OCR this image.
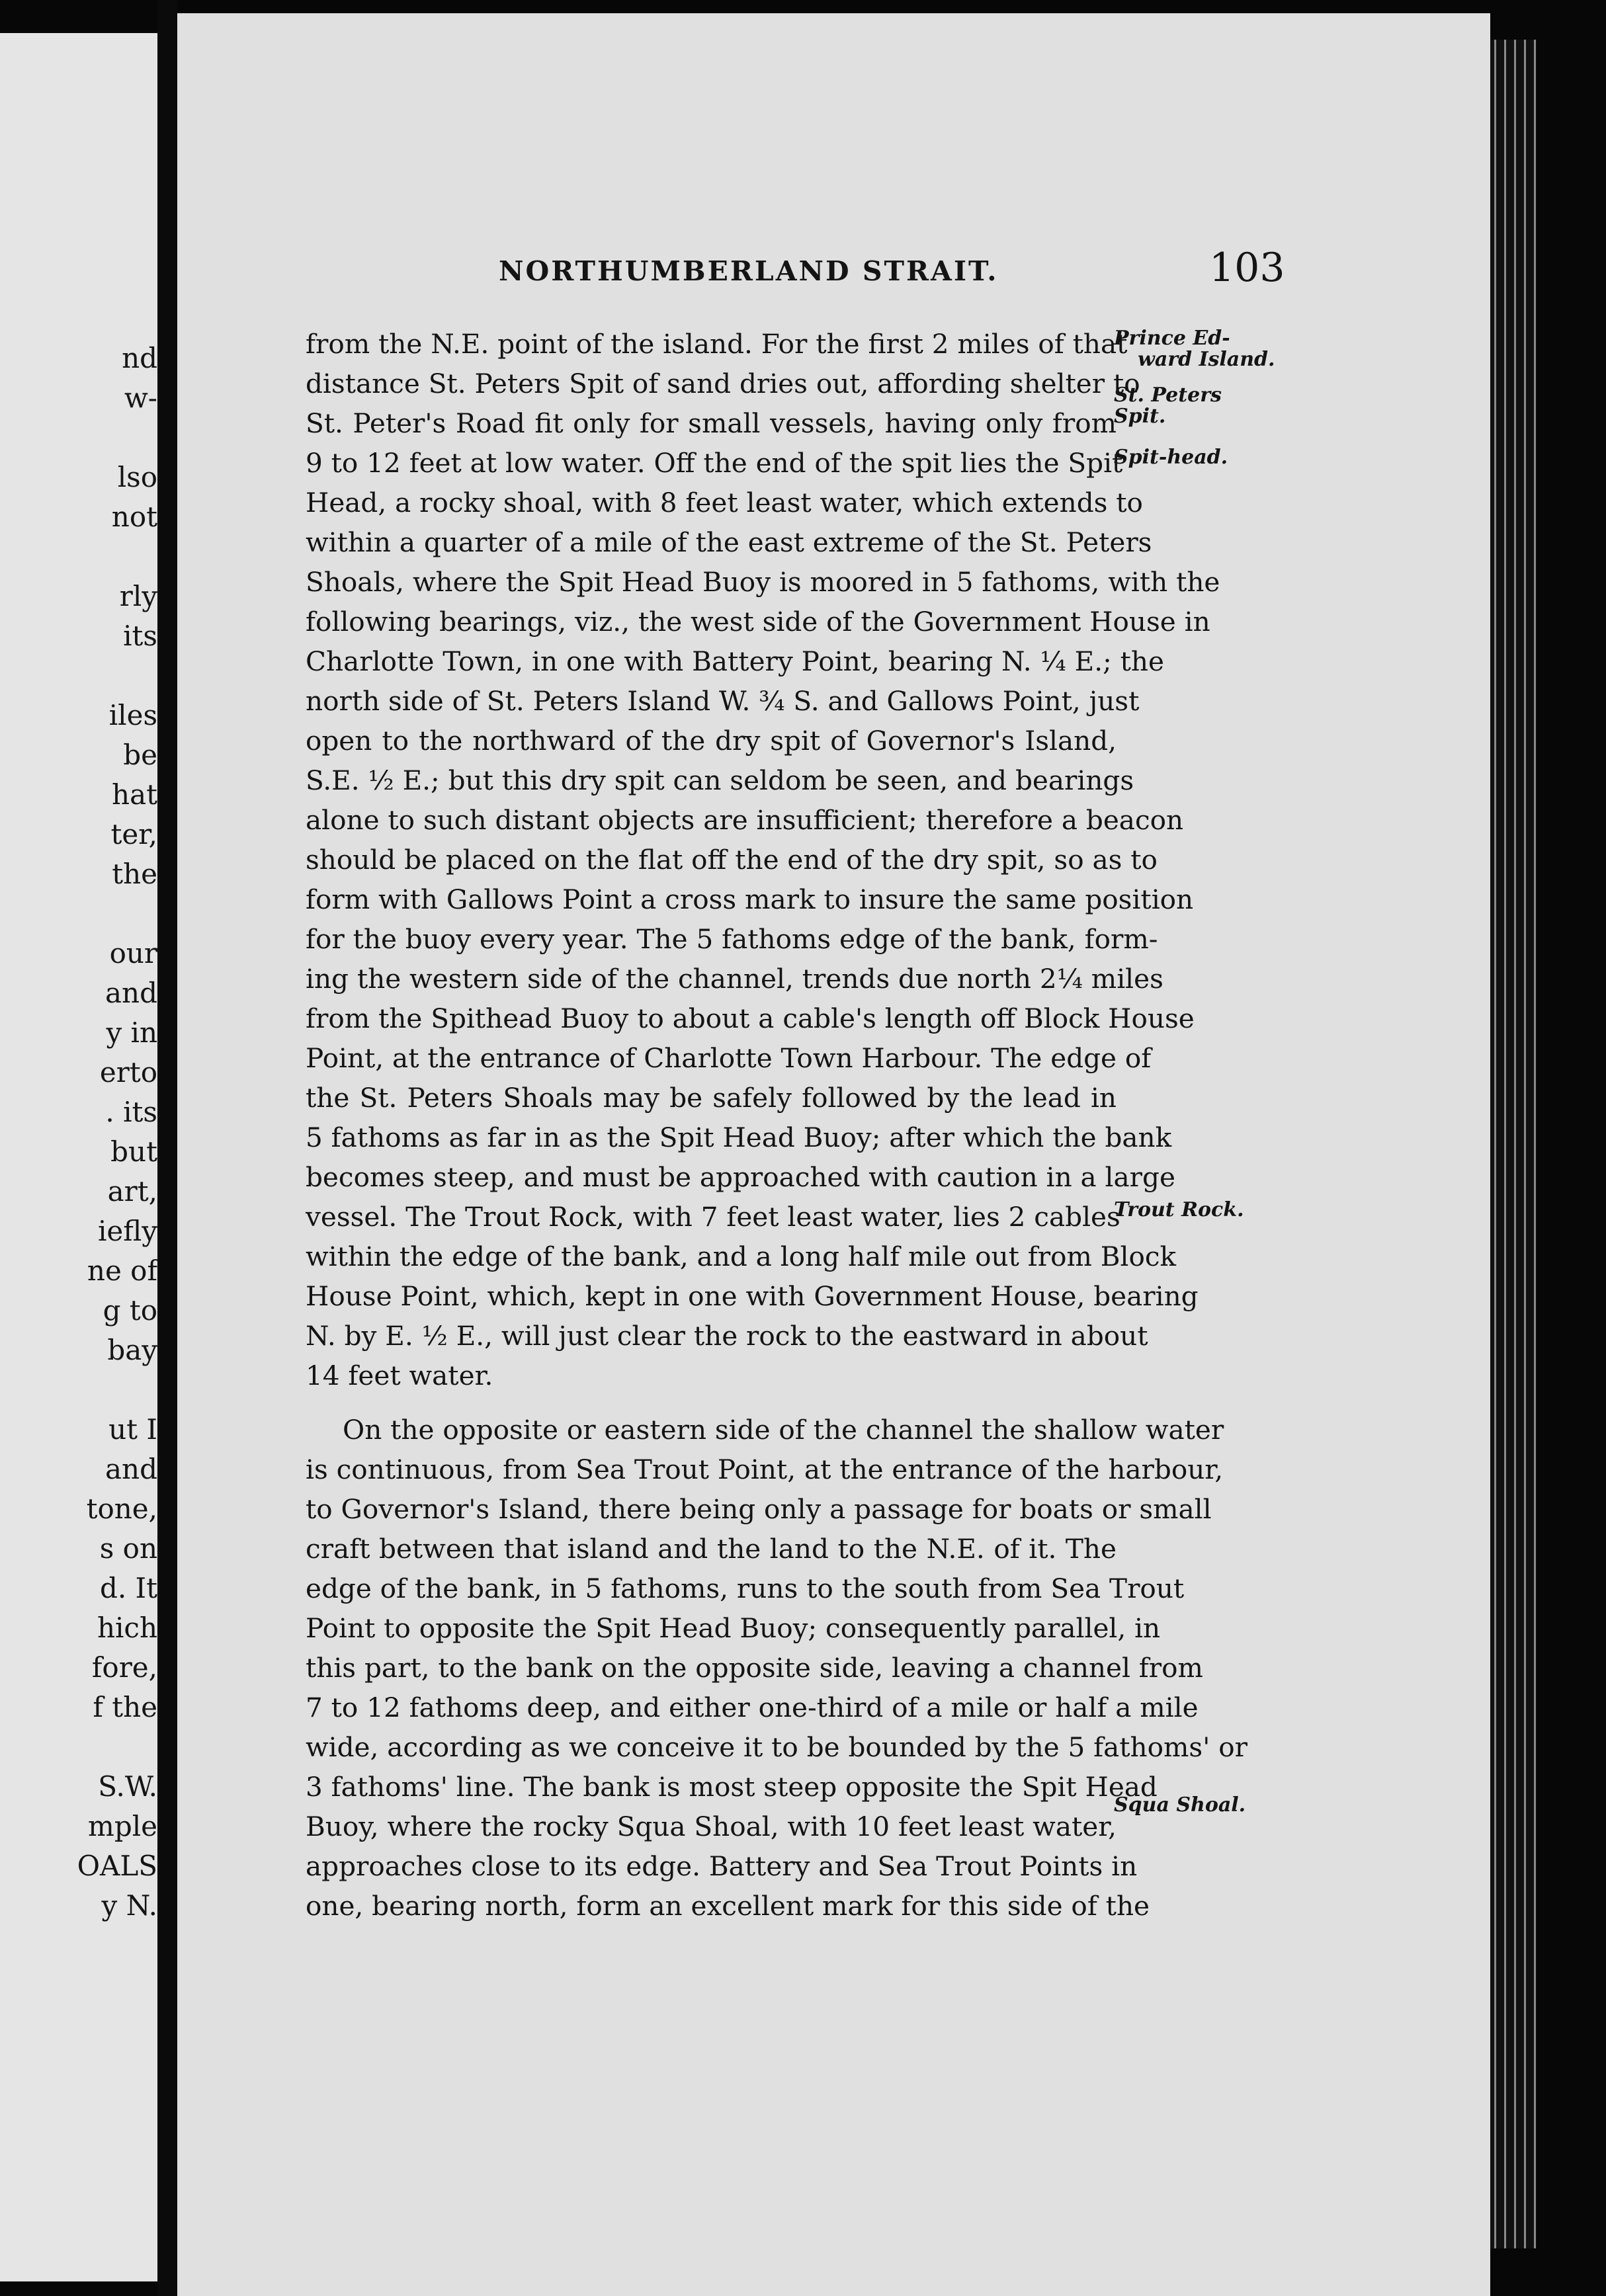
nd
w-
lso
not
rly
its
iles
be
hat
ter,
the
our
and
y in
erto
. its
but
art,
iefly
ne of
g to
bay
ut I
and
tone,
s on
d. It
hich
fore,
f the
S.W.
mple
OALS
y N.
NORTHUMBERLAND STRAIT.	103
from the N.E. point of the island. For the first 2 miles of that
distance St. Peters Spit of sand dries out, affording shelter to
St. Peter's Road fit only for small vessels, having only from
9 to 12 feet at low water. Off the end of the spit lies the Spit
Head, a rocky shoal, with 8 feet least water, which extends to
within a quarter of a mile of the east extreme of the St. Peters
Shoals, where the Spit Head Buoy is moored in 5 fathoms, with the
following bearings, viz., the west side of the Government House in
Charlotte Town, in one with Battery Point, bearing N. ¼ E.; the
north side of St. Peters Island W. ¾ S. and Gallows Point, just
open to the northward of the dry spit of Governor's Island,
S.E. ½ E.; but this dry spit can seldom be seen, and bearings
alone to such distant objects are insufficient; therefore a beacon
should be placed on the flat off the end of the dry spit, so as to
form with Gallows Point a cross mark to insure the same position
for the buoy every year. The 5 fathoms edge of the bank, form-
ing the western side of the channel, trends due north 2¼ miles
from the Spithead Buoy to about a cable's length off Block House
Point, at the entrance of Charlotte Town Harbour. The edge of
the St. Peters Shoals may be safely followed by the lead in
5 fathoms as far in as the Spit Head Buoy; after which the bank
becomes steep, and must be approached with caution in a large
vessel. The Trout Rock, with 7 feet least water, lies 2 cables
within the edge of the bank, and a long half mile out from Block
House Point, which, kept in one with Government House, bearing
N. by E. ½ E., will just clear the rock to the eastward in about
14 feet water.
On the opposite or eastern side of the channel the shallow water
is continuous, from Sea Trout Point, at the entrance of the harbour,
to Governor's Island, there being only a passage for boats or small
craft between that island and the land to the N.E. of it. The
edge of the bank, in 5 fathoms, runs to the south from Sea Trout
Point to opposite the Spit Head Buoy; consequently parallel, in
this part, to the bank on the opposite side, leaving a channel from
7 to 12 fathoms deep, and either one-third of a mile or half a mile
wide, according as we conceive it to be bounded by the 5 fathoms' or
3 fathoms' line. The bank is most steep opposite the Spit Head
Buoy, where the rocky Squa Shoal, with 10 feet least water,
approaches close to its edge. Battery and Sea Trout Points in
one, bearing north, form an excellent mark for this side of the
Prince Ed-
ward Island.
St. Peters
Spit.
Spit-head.
Trout Rock.
Squa Shoal.
